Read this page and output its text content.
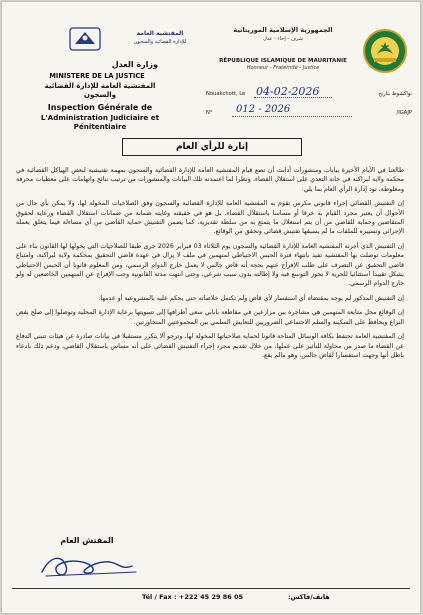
المفتشية العامة
للإدارة القضائية والسجون
الجمهورية الإسلامية الموريتانية
شرف - إخاء - عدل
RÉPUBLIQUE ISLAMIQUE DE MAURITANIE
Honneur - Fraternité - Justice
وزارة العدل
MINISTERE DE LA JUSTICE
المفتشية العامة للإدارة القضائية
والسجون
Inspection Générale de
L'Administration Judiciaire et Pénitentiaire
Nouakchott, Le 04-02-2026	نواكشوط بتاريخ
N° 012 - 2026	/IGAJP
إنارة للرأي العام

طالعنا في الأيام الأخيرة بيانات ومنشورات أدانت أن تضع قيام المفتشية العامة للإدارة القضائية والسجون بمهمة تفتيشية لبعض الهياكل القضائية في محكمة ولاية لبراكنة في خانة التعدي على استقلال القضاء، ونظرا لما اعتمدته تلك البيانات والمنشورات من ترتيب نتائج واتهامات على معطيات محرفة ومغلوطة، تود إدارة الرأي العام بما يلي:

إن التفتيش القضائي إجراء قانوني مكرس تقوم به المفتشية العامة للإدارة القضائية والسجون وفق الصلاحيات المخولة لها، ولا يمكن بأي حال من الأحوال أن يعتبر مجرد القيام به خرقا أو مساسا باستقلال القضاء، بل هو في حقيقته وغايته ضمانة من ضمانات استقلال القضاء ورعاية لحقوق المتقاضين وحماية للقاضي من أن يتم استغلال ما يتمتع به من سلطة تقديرية، كما يضمن التفتيش حماية القاضي من أي مساءلة فيما يتعلق بعمله الإجرائي وتسييره للملفات ما لم يسبقها تفتيش قضائي وتحقق من الوقائع.

إن التفتيش الذي أجرته المفتشية العامة للإدارة القضائية والسجون يوم الثلاثاء 03 فبراير 2026 جرى طبقا للصلاحيات التي يخولها لها القانون بناء على معلومات توصلت بها المفتشية تفيد بانتهاء فترة الحبس الاحتياطي لمتهمين في ملف لا يزال في عهدة قاضي التحقيق بمحكمة ولاية لبراكنة، وامتناع قاضي التحقيق عن التصرف على طلب الإفراج عنهم بحجة أنه قاض جالس لا يعمل خارج الدوام الرسمي، ومن المعلوم قانونا أن الحبس الاحتياطي يشكل تقييدا استثنائيا للحرية لا يجوز التوسع فيه ولا إطالته بدون سبب شرعي، وحتى انتهت مدته القانونية وجب الإفراج عن المتهمين الخاضعين له ولو خارج الدوام الرسمي.

إن التفتيش المذكور لم يوجه بمقتضاه أي استفسار لأي قاض ولم تكتمل خلاصاته حتى يحكم عليه بالمشروعية أو عدمها.

إن الوقائع محل متابعة المتهمين هي مشاجرة بين مزارعين في مقاطعة بابابي سعى أطرافها إلى تسويتها برعاية الإدارة المحلية وتوصلوا إلى صلح يفض النزاع ويحافظ على السكينة والسلم الاجتماعي الضروريين للتعايش السلمي بين المجموعتين المتجاورتين.

إن المفتشية العامة تحتفظ بكافة الوسائل المتاحة قانونا لحماية صلاحياتها المخولة لها، وترجو ألا يتكرر مستقبلا في بيانات صادرة عن هيئات تتبنى الدفاع عن القضاء ما صدر من محاولة للتأثير على عملها، من خلال تقديم مجرد إجراء التفتيش القضائي على أنه مساس باستقلال القاضي، ودعم ذلك بادعاء باطل أنها وجهت استفسارا لقاض جالس، وهو مالم يقع.

المفتش العام
Tél / Fax : +222 45 29 86 05	هاتف/فاكس:
